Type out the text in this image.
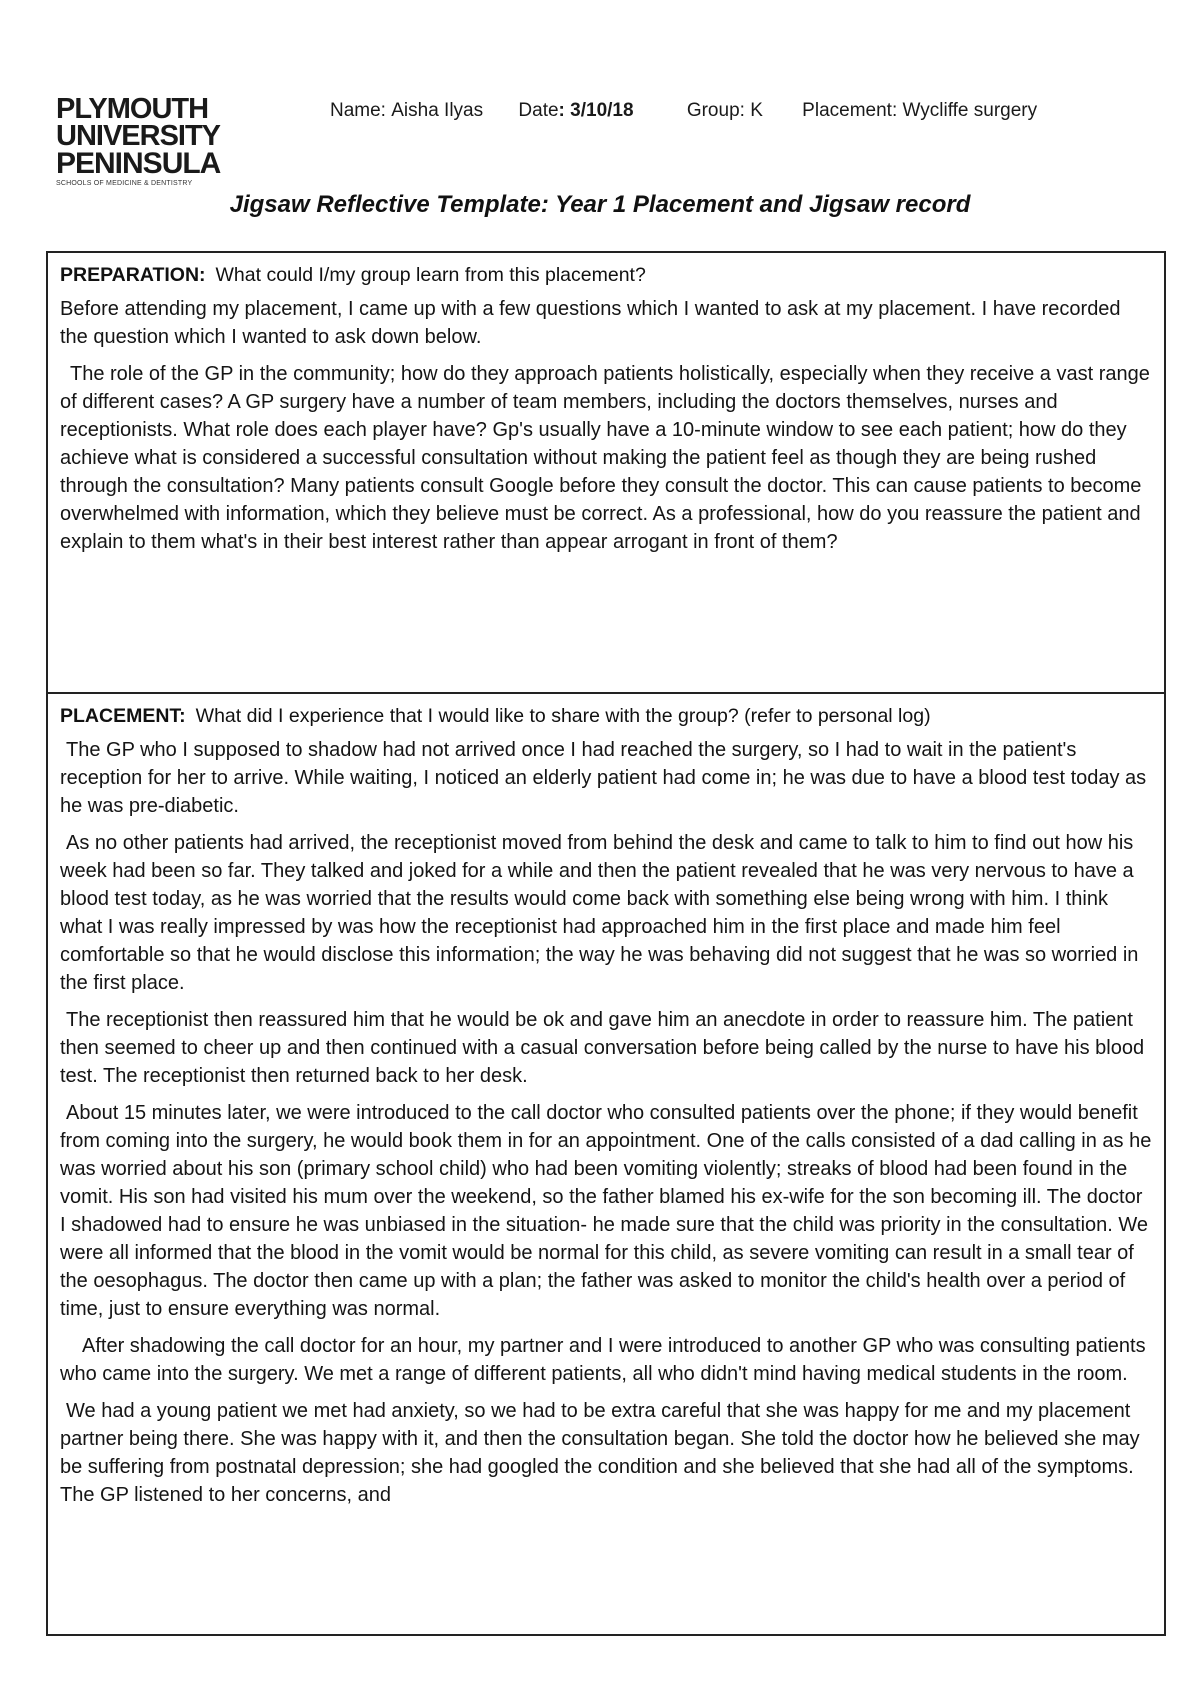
PLYMOUTH
UNIVERSITY
PENINSULA
SCHOOLS OF MEDICINE & DENTISTRY
Name: Aisha Ilyas Date: 3/10/18	Group: K Placement: Wycliffe surgery
Jigsaw Reflective Template: Year 1 Placement and Jigsaw record

PREPARATION: What could I/my group learn from this placement?

Before attending my placement, I came up with a few questions which I wanted to ask at my placement. I have recorded the question which I wanted to ask down below.

The role of the GP in the community; how do they approach patients holistically, especially when they receive a vast range of different cases? A GP surgery have a number of team members, including the doctors themselves, nurses and receptionists. What role does each player have? Gp's usually have a 10-minute window to see each patient; how do they achieve what is considered a successful consultation without making the patient feel as though they are being rushed through the consultation? Many patients consult Google before they consult the doctor. This can cause patients to become overwhelmed with information, which they believe must be correct. As a professional, how do you reassure the patient and explain to them what's in their best interest rather than appear arrogant in front of them?

PLACEMENT: What did I experience that I would like to share with the group? (refer to personal log)

The GP who I supposed to shadow had not arrived once I had reached the surgery, so I had to wait in the patient's reception for her to arrive. While waiting, I noticed an elderly patient had come in; he was due to have a blood test today as he was pre-diabetic.

As no other patients had arrived, the receptionist moved from behind the desk and came to talk to him to find out how his week had been so far. They talked and joked for a while and then the patient revealed that he was very nervous to have a blood test today, as he was worried that the results would come back with something else being wrong with him. I think what I was really impressed by was how the receptionist had approached him in the first place and made him feel comfortable so that he would disclose this information; the way he was behaving did not suggest that he was so worried in the first place.

The receptionist then reassured him that he would be ok and gave him an anecdote in order to reassure him. The patient then seemed to cheer up and then continued with a casual conversation before being called by the nurse to have his blood test. The receptionist then returned back to her desk.

About 15 minutes later, we were introduced to the call doctor who consulted patients over the phone; if they would benefit from coming into the surgery, he would book them in for an appointment. One of the calls consisted of a dad calling in as he was worried about his son (primary school child) who had been vomiting violently; streaks of blood had been found in the vomit. His son had visited his mum over the weekend, so the father blamed his ex-wife for the son becoming ill. The doctor I shadowed had to ensure he was unbiased in the situation- he made sure that the child was priority in the consultation. We were all informed that the blood in the vomit would be normal for this child, as severe vomiting can result in a small tear of the oesophagus. The doctor then came up with a plan; the father was asked to monitor the child's health over a period of time, just to ensure everything was normal.

After shadowing the call doctor for an hour, my partner and I were introduced to another GP who was consulting patients who came into the surgery. We met a range of different patients, all who didn't mind having medical students in the room.

We had a young patient we met had anxiety, so we had to be extra careful that she was happy for me and my placement partner being there. She was happy with it, and then the consultation began. She told the doctor how he believed she may be suffering from postnatal depression; she had googled the condition and she believed that she had all of the symptoms. The GP listened to her concerns, and
